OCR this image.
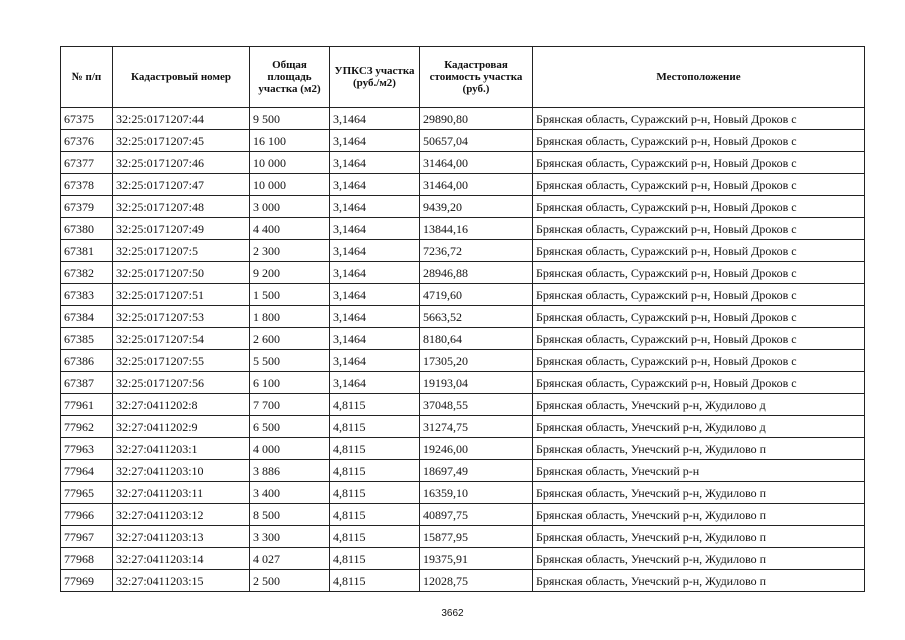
№ п/п	Кадастровый номер	Общая площадь участка (м2)	УПКСЗ участка (руб./м2)	Кадастровая стоимость участка (руб.)	Местоположение
67375	32:25:0171207:44	9 500	3,1464	29890,80	Брянская область, Суражский р-н, Новый Дроков с
67376	32:25:0171207:45	16 100	3,1464	50657,04	Брянская область, Суражский р-н, Новый Дроков с
67377	32:25:0171207:46	10 000	3,1464	31464,00	Брянская область, Суражский р-н, Новый Дроков с
67378	32:25:0171207:47	10 000	3,1464	31464,00	Брянская область, Суражский р-н, Новый Дроков с
67379	32:25:0171207:48	3 000	3,1464	9439,20	Брянская область, Суражский р-н, Новый Дроков с
67380	32:25:0171207:49	4 400	3,1464	13844,16	Брянская область, Суражский р-н, Новый Дроков с
67381	32:25:0171207:5	2 300	3,1464	7236,72	Брянская область, Суражский р-н, Новый Дроков с
67382	32:25:0171207:50	9 200	3,1464	28946,88	Брянская область, Суражский р-н, Новый Дроков с
67383	32:25:0171207:51	1 500	3,1464	4719,60	Брянская область, Суражский р-н, Новый Дроков с
67384	32:25:0171207:53	1 800	3,1464	5663,52	Брянская область, Суражский р-н, Новый Дроков с
67385	32:25:0171207:54	2 600	3,1464	8180,64	Брянская область, Суражский р-н, Новый Дроков с
67386	32:25:0171207:55	5 500	3,1464	17305,20	Брянская область, Суражский р-н, Новый Дроков с
67387	32:25:0171207:56	6 100	3,1464	19193,04	Брянская область, Суражский р-н, Новый Дроков с
77961	32:27:0411202:8	7 700	4,8115	37048,55	Брянская область, Унечский р-н, Жудилово д
77962	32:27:0411202:9	6 500	4,8115	31274,75	Брянская область, Унечский р-н, Жудилово д
77963	32:27:0411203:1	4 000	4,8115	19246,00	Брянская область, Унечский р-н, Жудилово п
77964	32:27:0411203:10	3 886	4,8115	18697,49	Брянская область, Унечский р-н
77965	32:27:0411203:11	3 400	4,8115	16359,10	Брянская область, Унечский р-н, Жудилово п
77966	32:27:0411203:12	8 500	4,8115	40897,75	Брянская область, Унечский р-н, Жудилово п
77967	32:27:0411203:13	3 300	4,8115	15877,95	Брянская область, Унечский р-н, Жудилово п
77968	32:27:0411203:14	4 027	4,8115	19375,91	Брянская область, Унечский р-н, Жудилово п
77969	32:27:0411203:15	2 500	4,8115	12028,75	Брянская область, Унечский р-н, Жудилово п
3662
